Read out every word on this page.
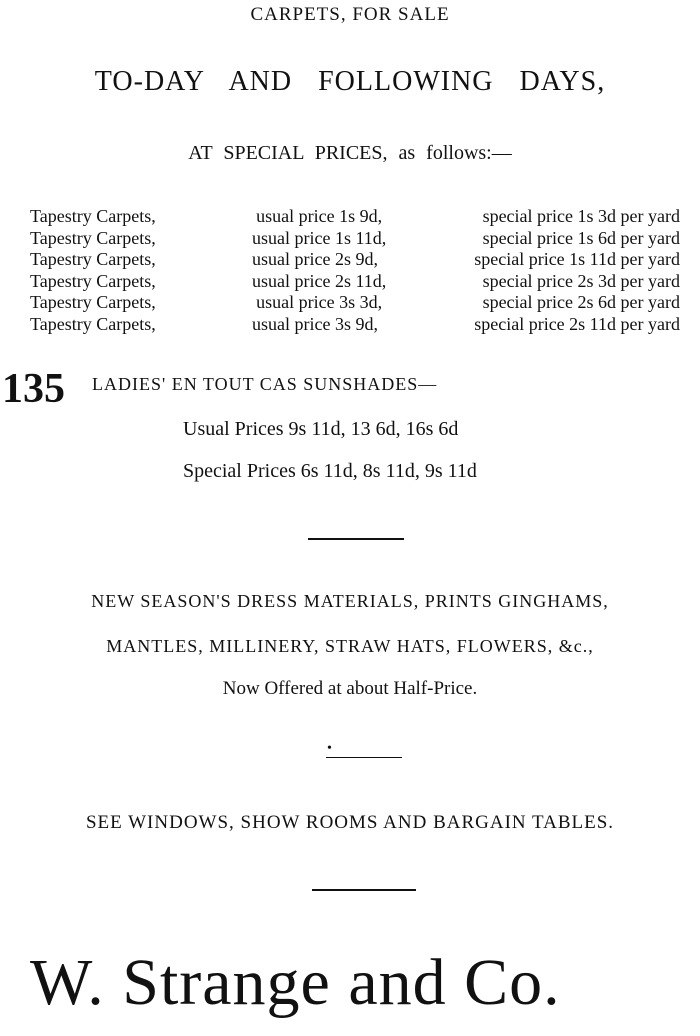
CARPETS, FOR SALE
TO-DAY AND FOLLOWING DAYS,
AT SPECIAL PRICES, as follows:—
Tapestry Carpets,	usual price 1s 9d,	special price 1s 3d per yard
Tapestry Carpets,	usual price 1s 11d,	special price 1s 6d per yard
Tapestry Carpets,	usual price 2s 9d,	special price 1s 11d per yard
Tapestry Carpets,	usual price 2s 11d,	special price 2s 3d per yard
Tapestry Carpets,	usual price 3s 3d,	special price 2s 6d per yard
Tapestry Carpets,	usual price 3s 9d,	special price 2s 11d per yard
135 LADIES' EN TOUT CAS SUNSHADES—
Usual Prices 9s 11d, 13 6d, 16s 6d
Special Prices 6s 11d, 8s 11d, 9s 11d
NEW SEASON'S DRESS MATERIALS, PRINTS GINGHAMS,
MANTLES, MILLINERY, STRAW HATS, FLOWERS, &c.,
Now Offered at about Half-Price.
•
SEE WINDOWS, SHOW ROOMS AND BARGAIN TABLES.
W. Strange and Co.
